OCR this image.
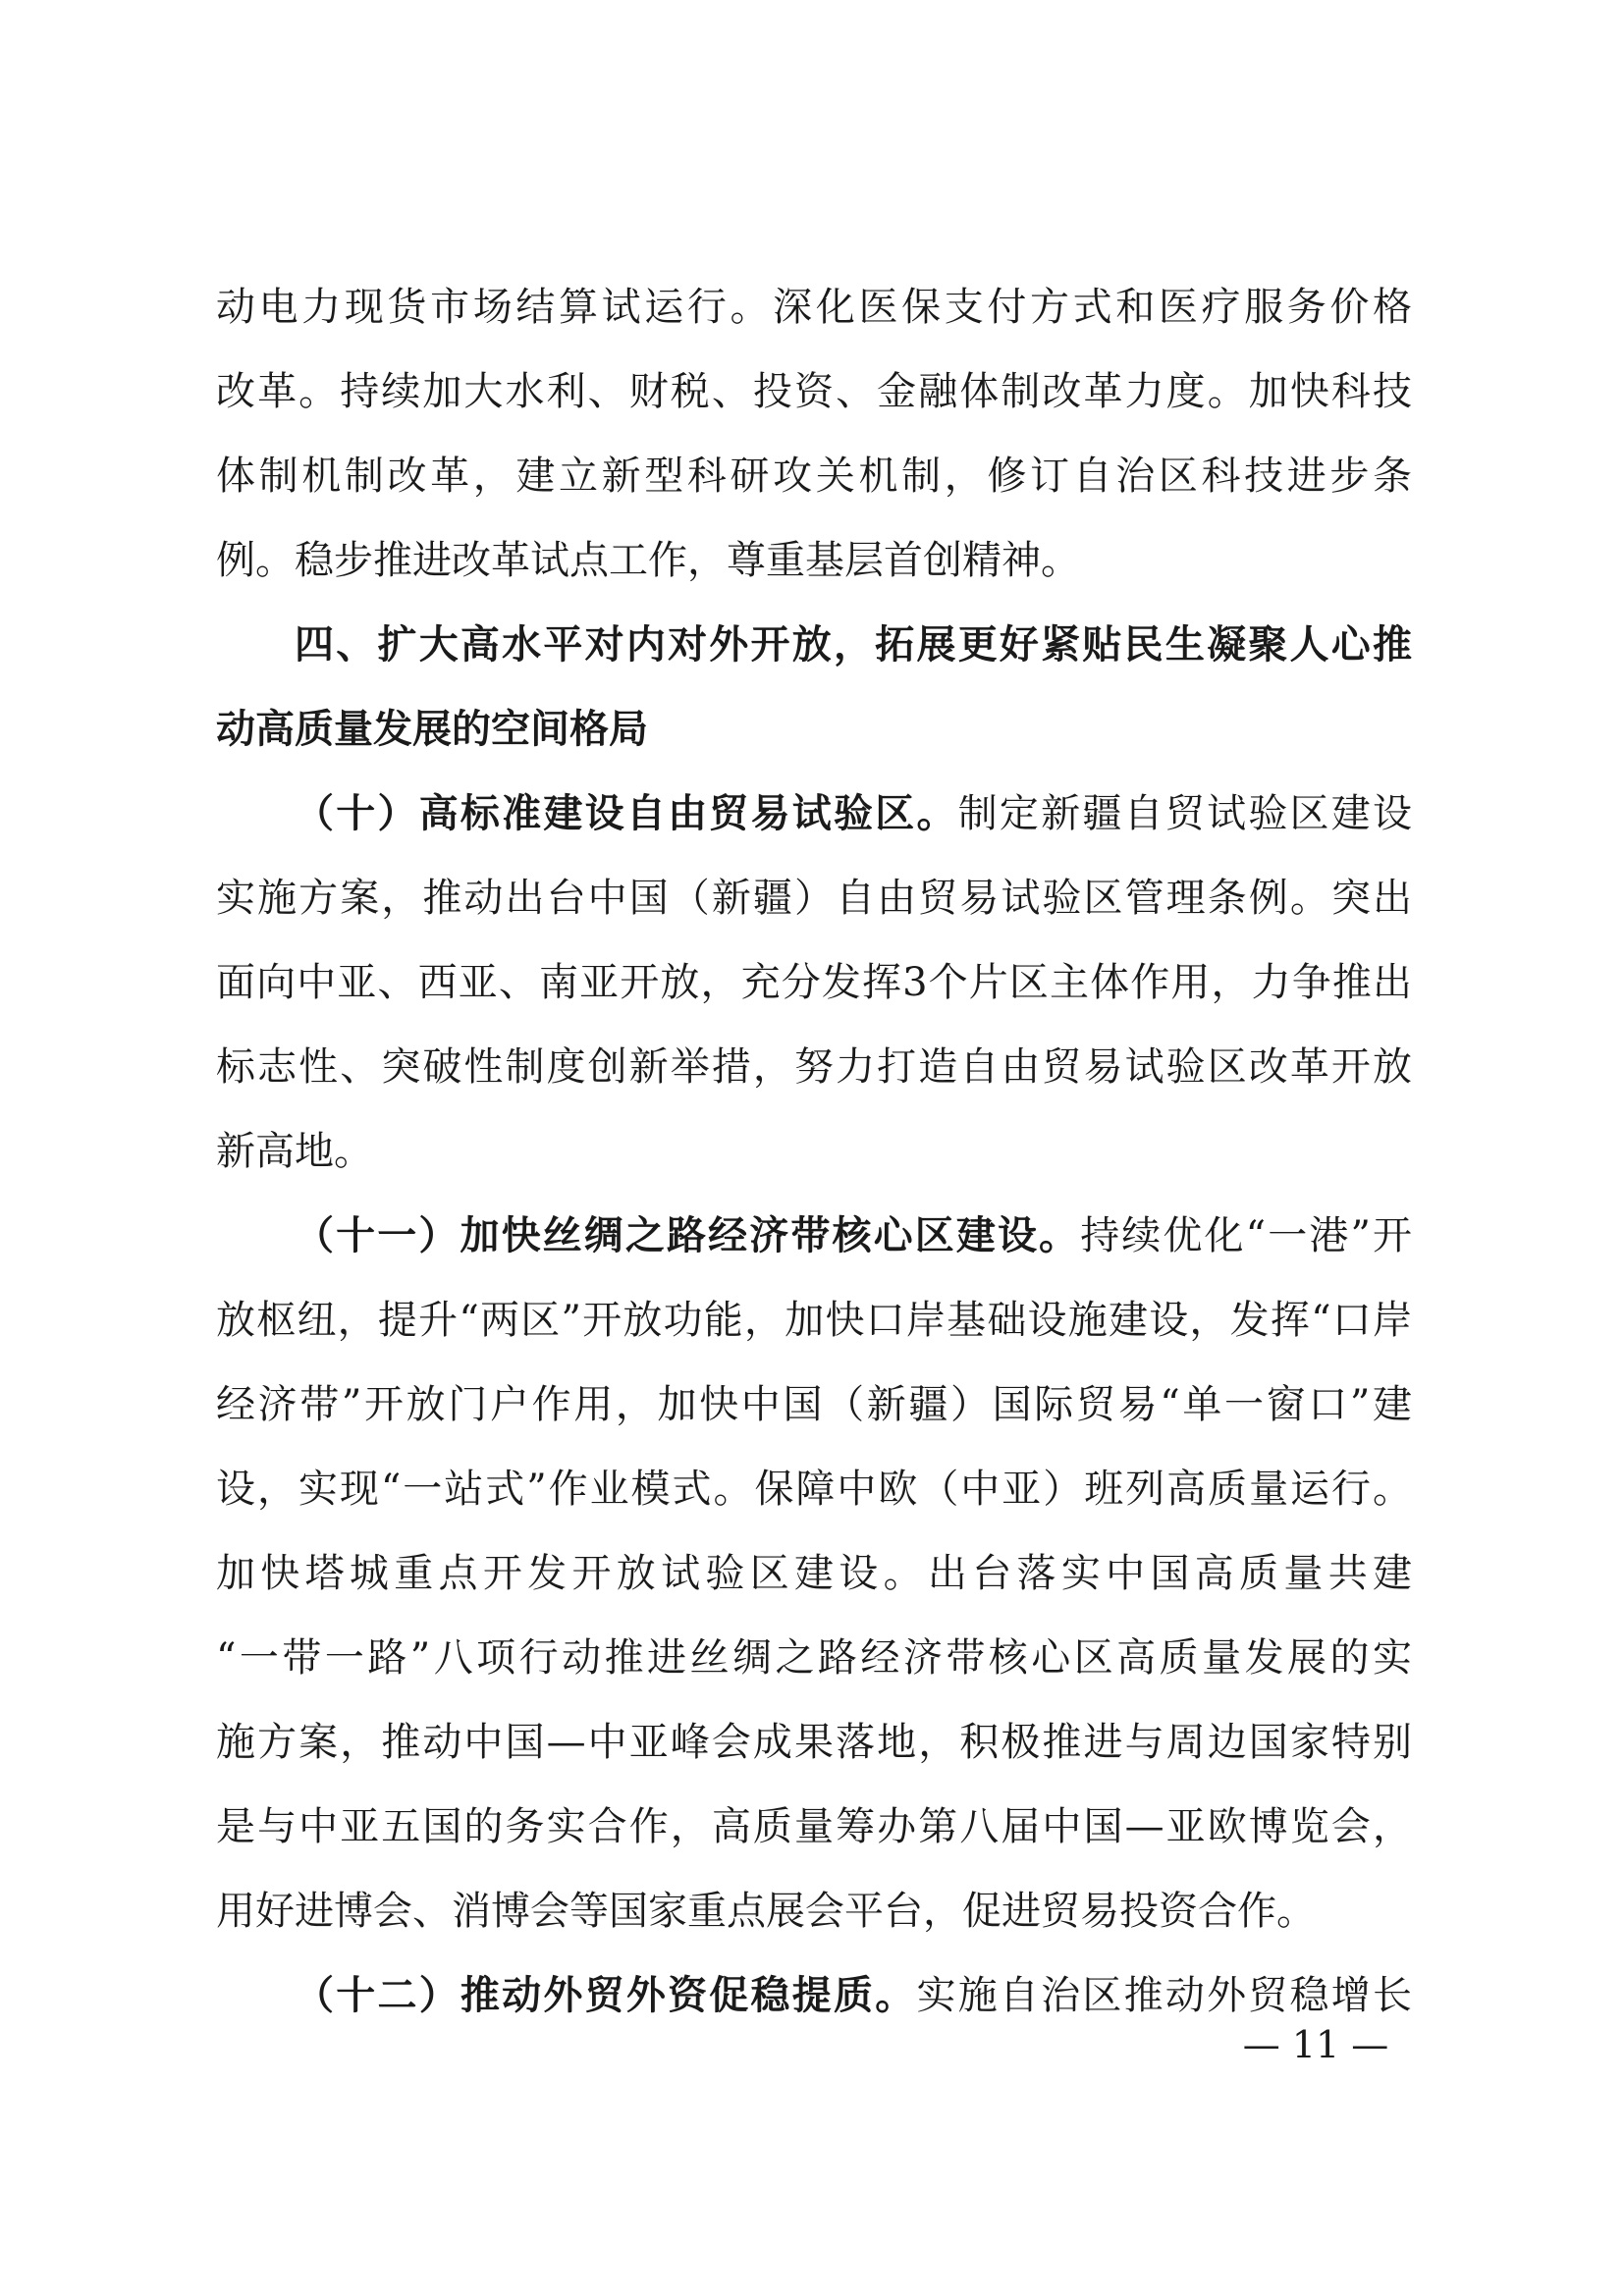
动电力现货市场结算试运行。深化医保支付方式和医疗服务价格
改革。持续加大水利、财税、投资、金融体制改革力度。加快科技
体制机制改革，建立新型科研攻关机制，修订自治区科技进步条
例。稳步推进改革试点工作，尊重基层首创精神。
四、扩大高水平对内对外开放，拓展更好紧贴民生凝聚人心推
动高质量发展的空间格局
（十）高标准建设自由贸易试验区。制定新疆自贸试验区建设
实施方案，推动出台中国（新疆）自由贸易试验区管理条例。突出
面向中亚、西亚、南亚开放，充分发挥3个片区主体作用，力争推出
标志性、突破性制度创新举措，努力打造自由贸易试验区改革开放
新高地。
（十一）加快丝绸之路经济带核心区建设。持续优化“一港”开
放枢纽，提升“两区”开放功能，加快口岸基础设施建设，发挥“口岸
经济带”开放门户作用，加快中国（新疆）国际贸易“单一窗口”建
设，实现“一站式”作业模式。保障中欧（中亚）班列高质量运行。
加快塔城重点开发开放试验区建设。出台落实中国高质量共建
“一带一路”八项行动推进丝绸之路经济带核心区高质量发展的实
施方案，推动中国—中亚峰会成果落地，积极推进与周边国家特别
是与中亚五国的务实合作，高质量筹办第八届中国—亚欧博览会，
用好进博会、消博会等国家重点展会平台，促进贸易投资合作。
（十二）推动外贸外资促稳提质。实施自治区推动外贸稳增长
— 11 —
